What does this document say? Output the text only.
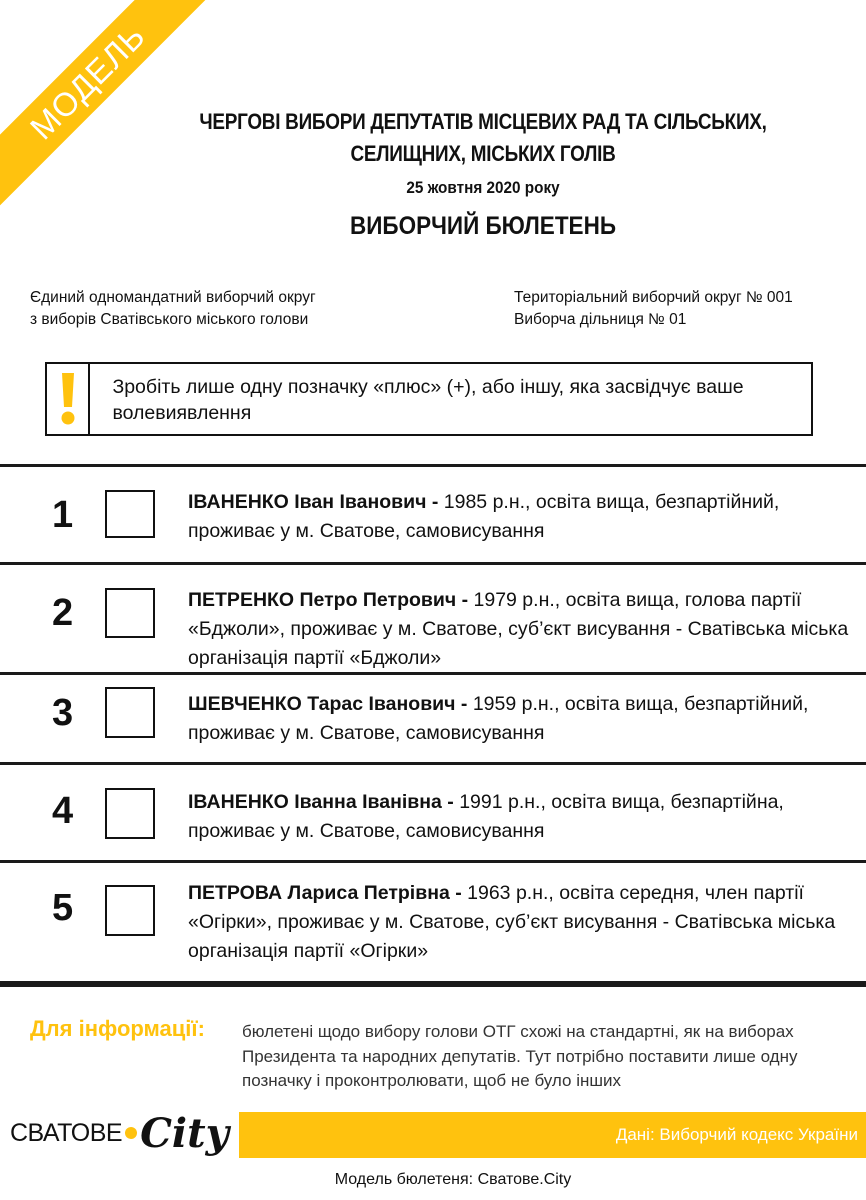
МОДЕЛЬ	ЧЕРГОВІ ВИБОРИ ДЕПУТАТІВ МІСЦЕВИХ РАД ТА СІЛЬСЬКИХ,
СЕЛИЩНИХ, МІСЬКИХ ГОЛІВ
25 жовтня 2020 року
ВИБОРЧИЙ БЮЛЕТЕНЬ
Єдиний одномандатний виборчий округ
з виборів Сватівського міського голови
Територіальний виборчий округ № 001
Виборча дільниця № 01
Зробіть лише одну позначку «плюс» (+), або іншу, яка засвідчує ваше волевиявлення
1	ІВАНЕНКО Іван Іванович - 1985 р.н., освіта вища, безпартійний, проживає у м. Сватове, самовисування
2	ПЕТРЕНКО Петро Петрович - 1979 р.н., освіта вища, голова партії «Бджоли», проживає у м. Сватове, суб’єкт висування - Сватівська міська організація партії «Бджоли»
3	ШЕВЧЕНКО Тарас Іванович - 1959 р.н., освіта вища, безпартійний, проживає у м. Сватове, самовисування
4	ІВАНЕНКО Іванна Іванівна - 1991 р.н., освіта вища, безпартійна, проживає у м. Сватове, самовисування
5	ПЕТРОВА Лариса Петрівна - 1963 р.н., освіта середня, член партії «Огірки», проживає у м. Сватове, суб’єкт висування - Сватівська міська організація партії «Огірки»
Для інформації: бюлетені щодо вибору голови ОТГ схожі на стандартні, як на виборах Президента та народних депутатів. Тут потрібно поставити лише одну позначку і проконтролювати, щоб не було інших
СВАТОВЕ City	Дані: Виборчий кодекс України
Модель бюлетеня: Сватове.City
